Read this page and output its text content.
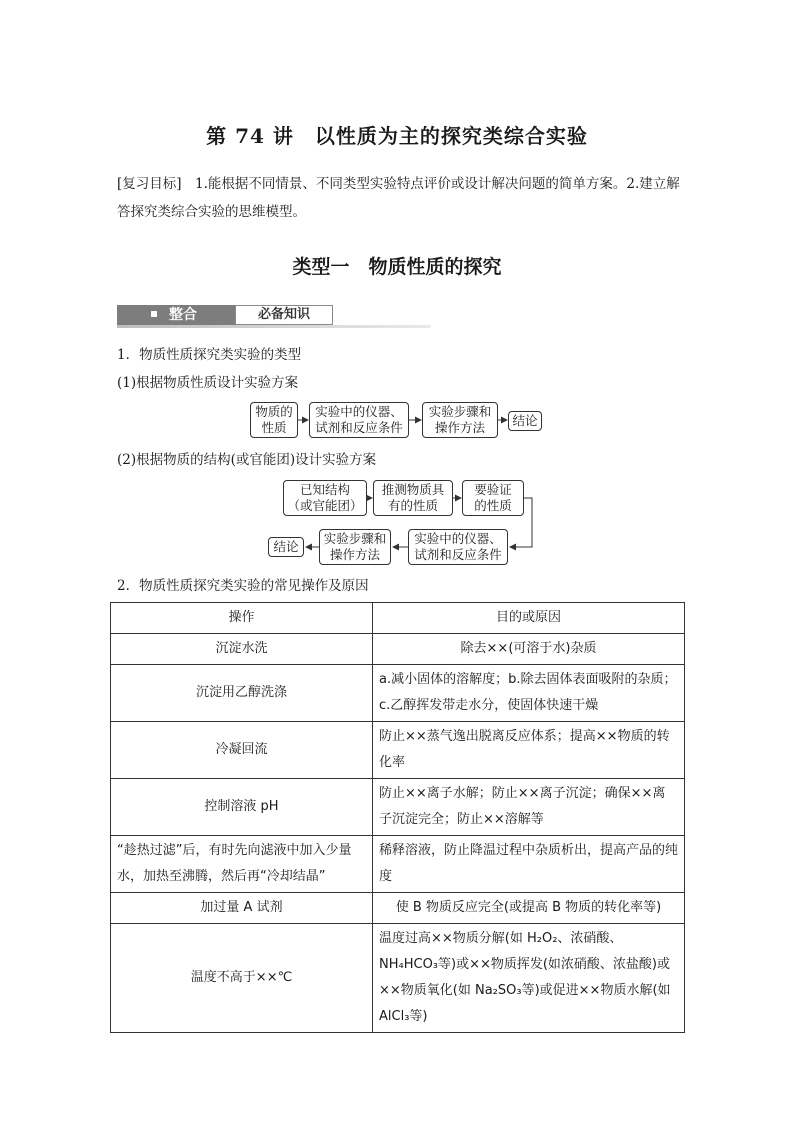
第 74 讲　以性质为主的探究类综合实验
[复习目标]　1.能根据不同情景、不同类型实验特点评价或设计解决问题的简单方案。2.建立解答探究类综合实验的思维模型。
类型一　物质性质的探究
整合	必备知识
1．物质性质探究类实验的类型
(1)根据物质性质设计实验方案
物质的
性质
实验中的仪器、
试剂和反应条件
实验步骤和
操作方法	结论
(2)根据物质的结构(或官能团)设计实验方案
已知结构
（或官能团）
推测物质具
有的性质
要验证
的性质
实验中的仪器、
试剂和反应条件
实验步骤和
操作方法
结论
2．物质性质探究类实验的常见操作及原因
操作	目的或原因
沉淀水洗	除去××(可溶于水)杂质
沉淀用乙醇洗涤	a.减小固体的溶解度；b.除去固体表面吸附的杂质；c.乙醇挥发带走水分，使固体快速干燥
冷凝回流	防止××蒸气逸出脱离反应体系；提高××物质的转化率
控制溶液 pH	防止××离子水解；防止××离子沉淀；确保××离子沉淀完全；防止××溶解等
“趁热过滤”后，有时先向滤液中加入少量水，加热至沸腾，然后再“冷却结晶”	稀释溶液，防止降温过程中杂质析出，提高产品的纯度
加过量 A 试剂	使 B 物质反应完全(或提高 B 物质的转化率等)
温度不高于××℃	温度过高××物质分解(如 H₂O₂、浓硝酸、NH₄HCO₃等)或××物质挥发(如浓硝酸、浓盐酸)或××物质氧化(如 Na₂SO₃等)或促进××物质水解(如 AlCl₃等)
